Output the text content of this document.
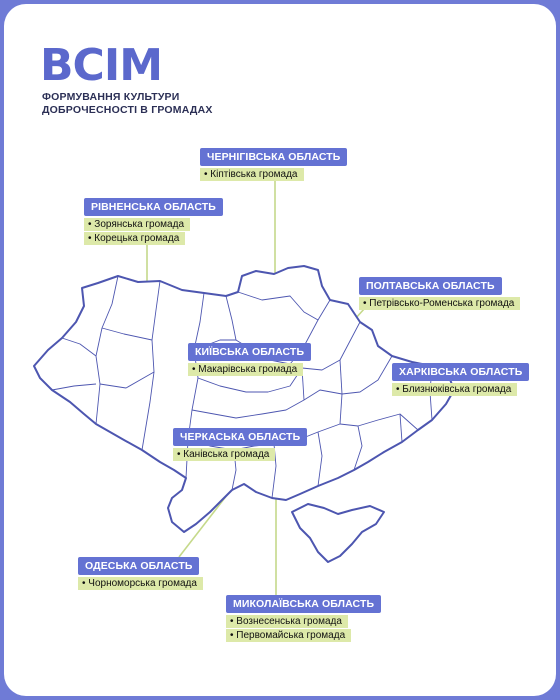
ВСІМ
ФОРМУВАННЯ КУЛЬТУРИ
ДОБРОЧЕСНОСТІ В ГРОМАДАХ
ЧЕРНІГІВСЬКА ОБЛАСТЬ
• Кіптівська громада
РІВНЕНСЬКА ОБЛАСТЬ
• Зорянська громада
• Корецька громада
ПОЛТАВСЬКА ОБЛАСТЬ
• Петрівсько-Роменська громада
КИЇВСЬКА ОБЛАСТЬ
• Макарівська громада	ХАРКІВСЬКА ОБЛАСТЬ
• Близнюківська громада
ЧЕРКАСЬКА ОБЛАСТЬ
• Канівська громада
ОДЕСЬКА ОБЛАСТЬ
• Чорноморська громада
МИКОЛАЇВСЬКА ОБЛАСТЬ
• Вознесенська громада
• Первомайська громада
